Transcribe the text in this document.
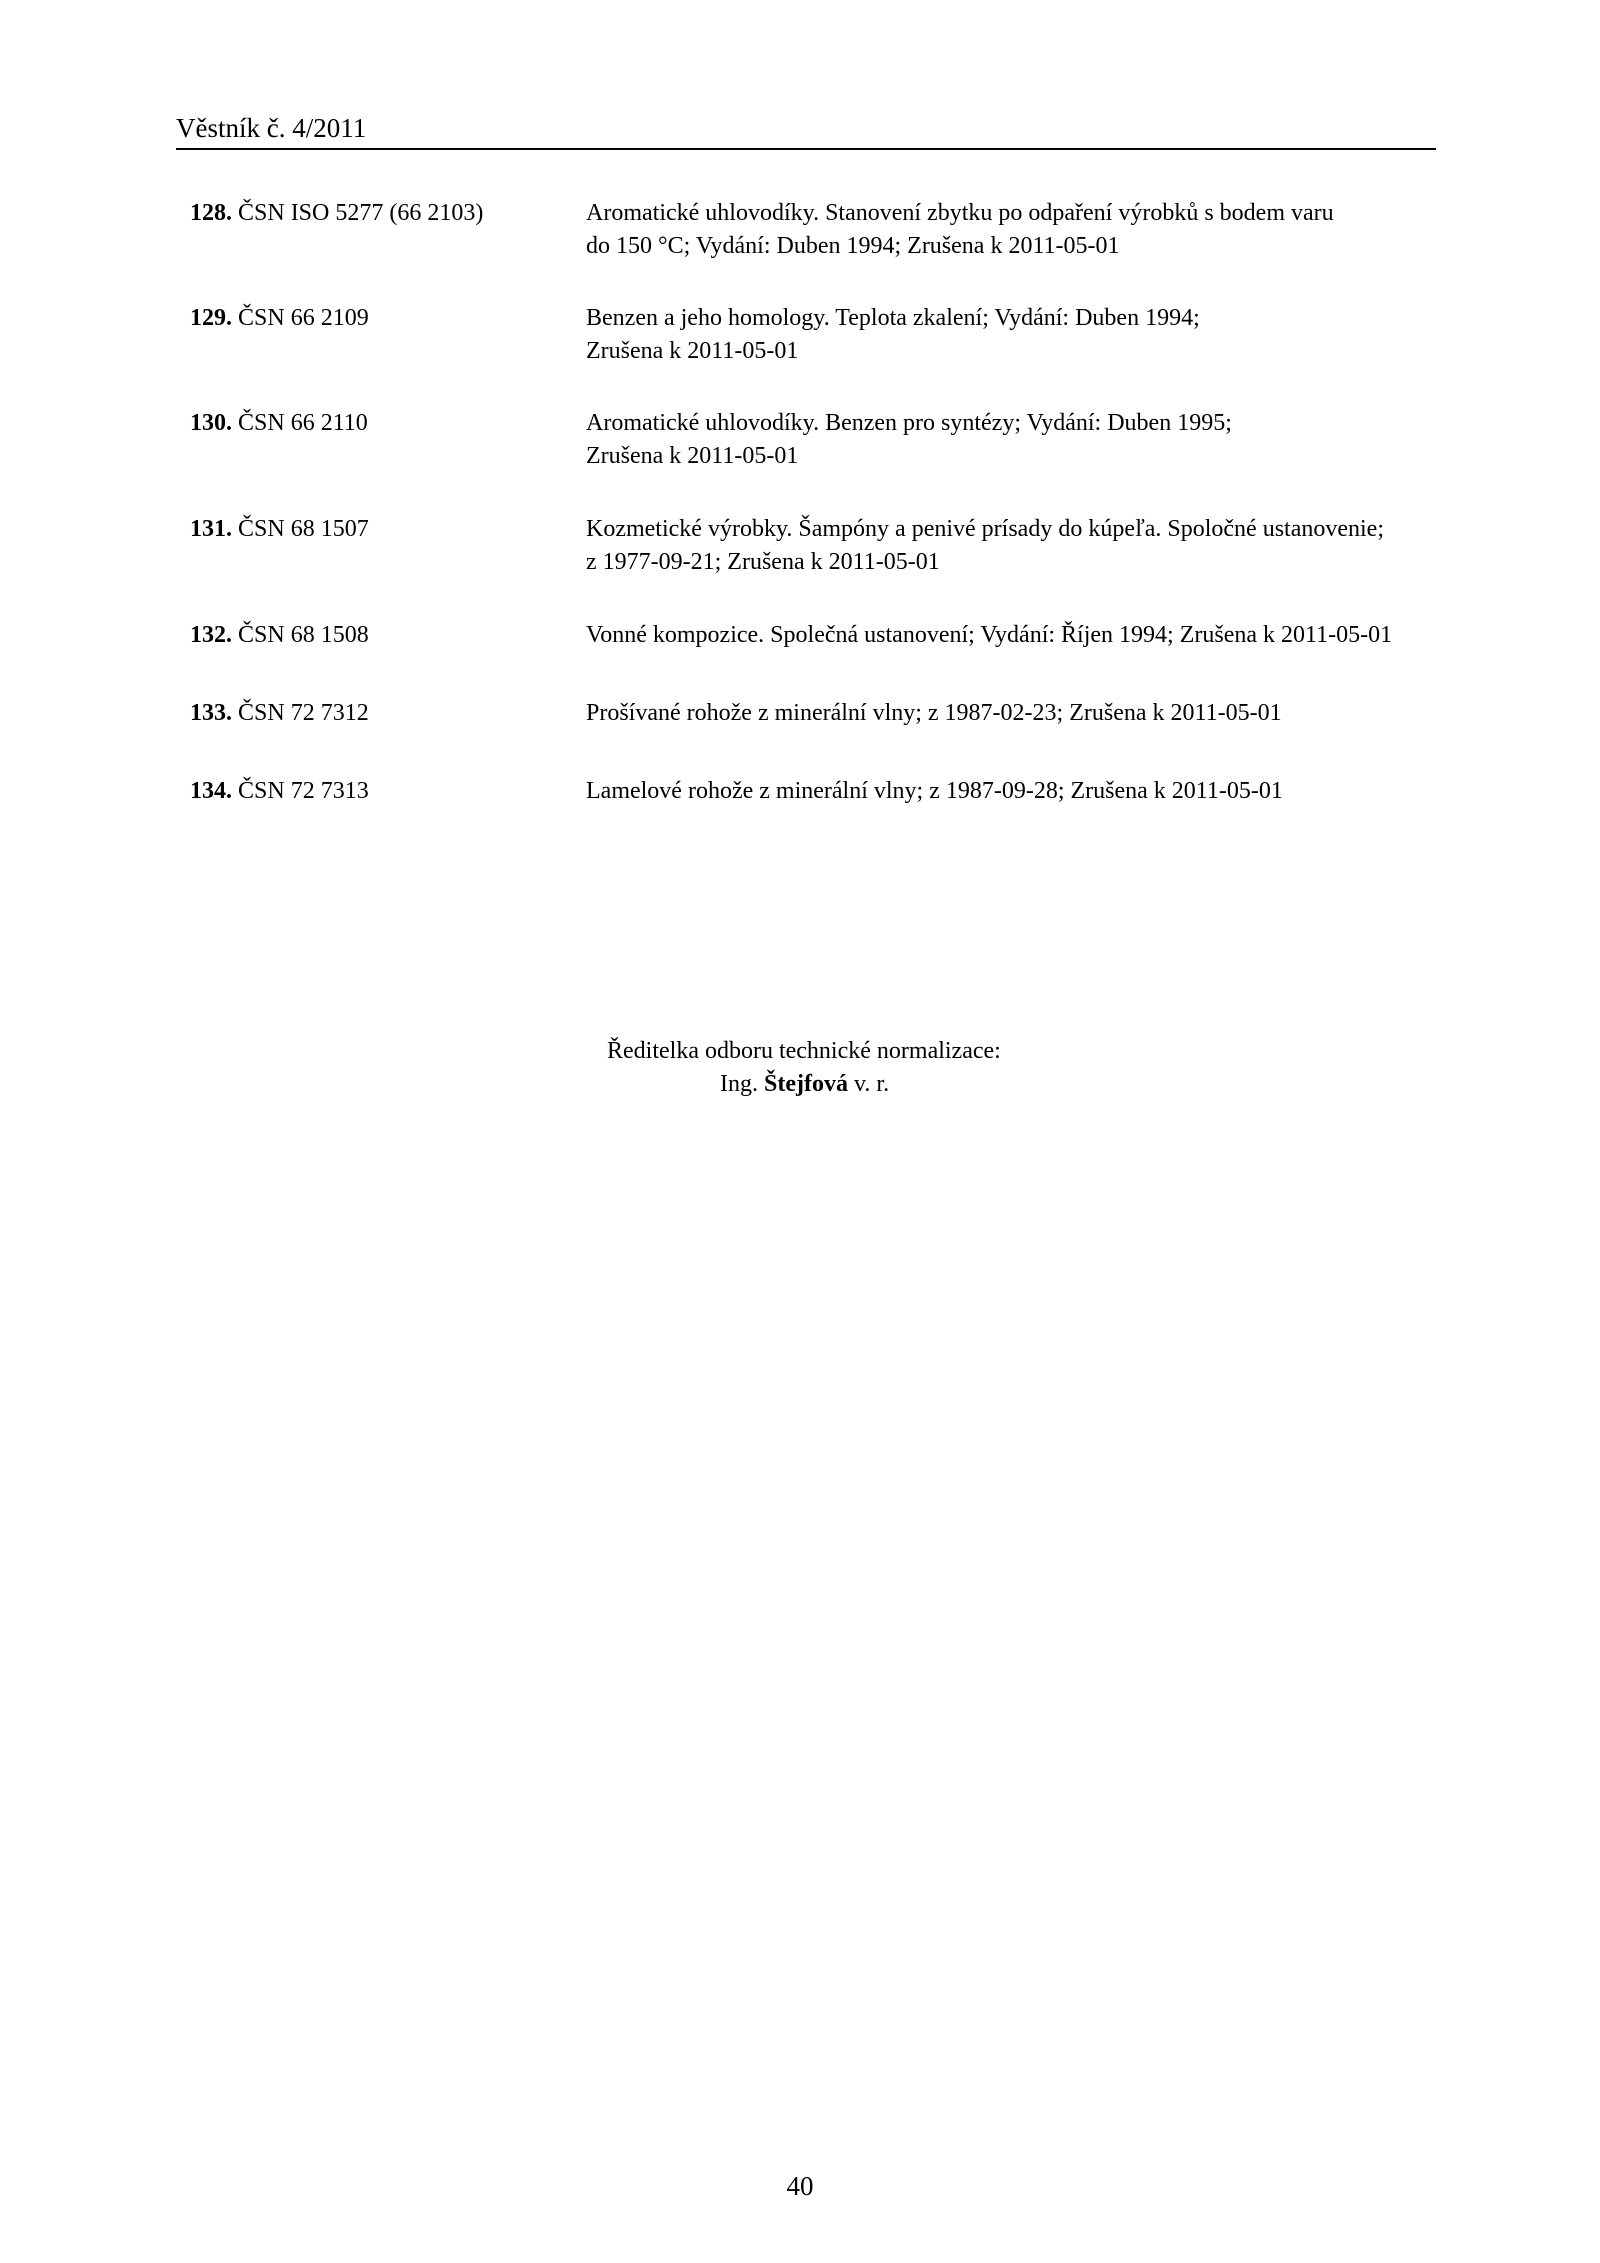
Věstník č. 4/2011
128. ČSN ISO 5277 (66 2103)	Aromatické uhlovodíky. Stanovení zbytku po odpaření výrobků s bodem varu
do 150 °C; Vydání: Duben 1994; Zrušena k 2011-05-01
129. ČSN 66 2109	Benzen a jeho homology. Teplota zkalení; Vydání: Duben 1994;
Zrušena k 2011-05-01
130. ČSN 66 2110	Aromatické uhlovodíky. Benzen pro syntézy; Vydání: Duben 1995;
Zrušena k 2011-05-01
131. ČSN 68 1507	Kozmetické výrobky. Šampóny a penivé prísady do kúpeľa. Spoločné ustanovenie;
z 1977-09-21; Zrušena k 2011-05-01
132. ČSN 68 1508	Vonné kompozice. Společná ustanovení; Vydání: Říjen 1994; Zrušena k 2011-05-01
133. ČSN 72 7312	Prošívané rohože z minerální vlny; z 1987-02-23; Zrušena k 2011-05-01
134. ČSN 72 7313	Lamelové rohože z minerální vlny; z 1987-09-28; Zrušena k 2011-05-01
Ředitelka odboru technické normalizace:
Ing. Štejfová v. r.
40
